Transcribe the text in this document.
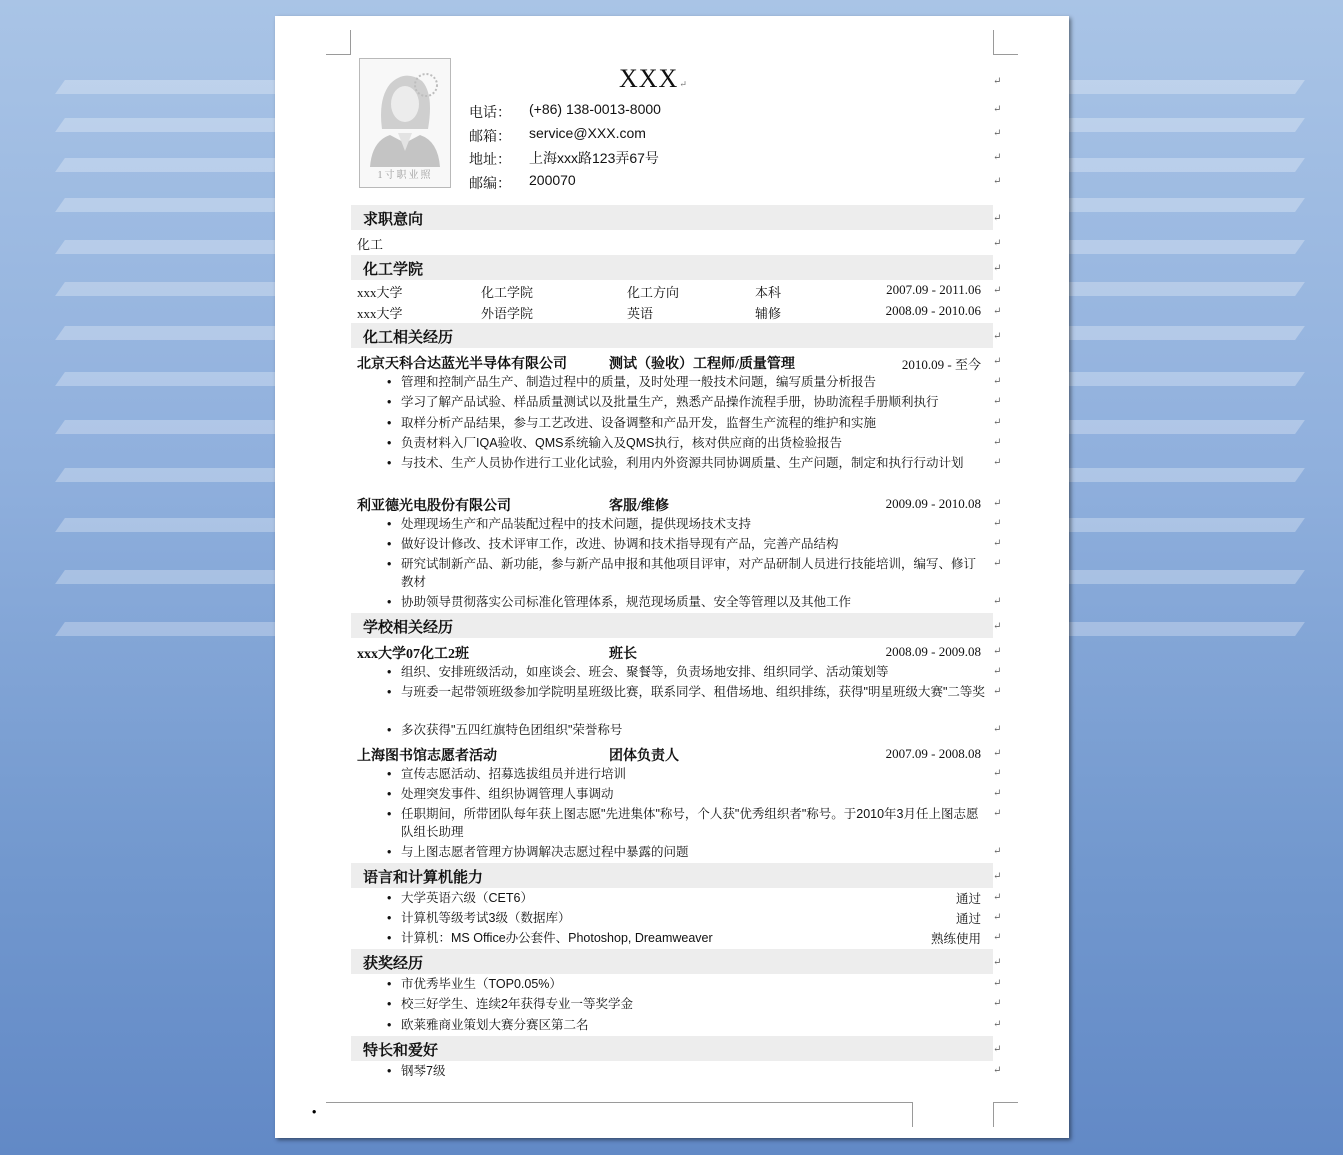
•
1寸职业照
XXX↵	↵
电话： (+86) 138-0013-8000	↵
邮箱： service@XXX.com	↵
地址： 上海xxx路123弄67号	↵
邮编： 200070	↵
求职意向	↵
化工	↵
化工学院	↵
xxx大学	化工学院	化工方向	本科	2007.09 - 2011.06 ↵
xxx大学	外语学院	英语	辅修	2008.09 - 2010.06 ↵
化工相关经历	↵
北京天科合达蓝光半导体有限公司	测试（验收）工程师/质量管理	2010.09 - 至今 ↵
• 管理和控制产品生产、制造过程中的质量，及时处理一般技术问题，编写质量分析报告	↵
• 学习了解产品试验、样品质量测试以及批量生产，熟悉产品操作流程手册，协助流程手册顺利执行	↵
• 取样分析产品结果，参与工艺改进、设备调整和产品开发，监督生产流程的维护和实施	↵
• 负责材料入厂IQA验收、QMS系统输入及QMS执行，核对供应商的出货检验报告	↵
• 与技术、生产人员协作进行工业化试验，利用内外资源共同协调质量、生产问题，制定和执行行动计划	↵
利亚德光电股份有限公司	客服/维修	2009.09 - 2010.08 ↵
• 处理现场生产和产品装配过程中的技术问题，提供现场技术支持	↵
• 做好设计修改、技术评审工作，改进、协调和技术指导现有产品，完善产品结构	↵
• 研究试制新产品、新功能，参与新产品申报和其他项目评审，对产品研制人员进行技能培训，编写、修订教材
↵
• 协助领导贯彻落实公司标准化管理体系，规范现场质量、安全等管理以及其他工作	↵
学校相关经历	↵
xxx大学07化工2班	班长	2008.09 - 2009.08 ↵
• 组织、安排班级活动，如座谈会、班会、聚餐等，负责场地安排、组织同学、活动策划等	↵
• 与班委一起带领班级参加学院明星班级比赛，联系同学、租借场地、组织排练，获得"明星班级大赛"二等奖 ↵
• 多次获得"五四红旗特色团组织"荣誉称号	↵
上海图书馆志愿者活动	团体负责人	2007.09 - 2008.08 ↵
• 宣传志愿活动、招募选拔组员并进行培训	↵
• 处理突发事件、组织协调管理人事调动	↵
• 任职期间，所带团队每年获上图志愿"先进集体"称号，个人获"优秀组织者"称号。于2010年3月任上图志愿队组长助理
↵
• 与上图志愿者管理方协调解决志愿过程中暴露的问题	↵
语言和计算机能力	↵
• 大学英语六级（CET6）	通过 ↵
• 计算机等级考试3级（数据库）	通过 ↵
• 计算机：MS Office办公套件、Photoshop, Dreamweaver	熟练使用 ↵
获奖经历	↵
• 市优秀毕业生（TOP0.05%）	↵
• 校三好学生、连续2年获得专业一等奖学金	↵
• 欧莱雅商业策划大赛分赛区第二名	↵
特长和爱好	↵
• 钢琴7级	↵
